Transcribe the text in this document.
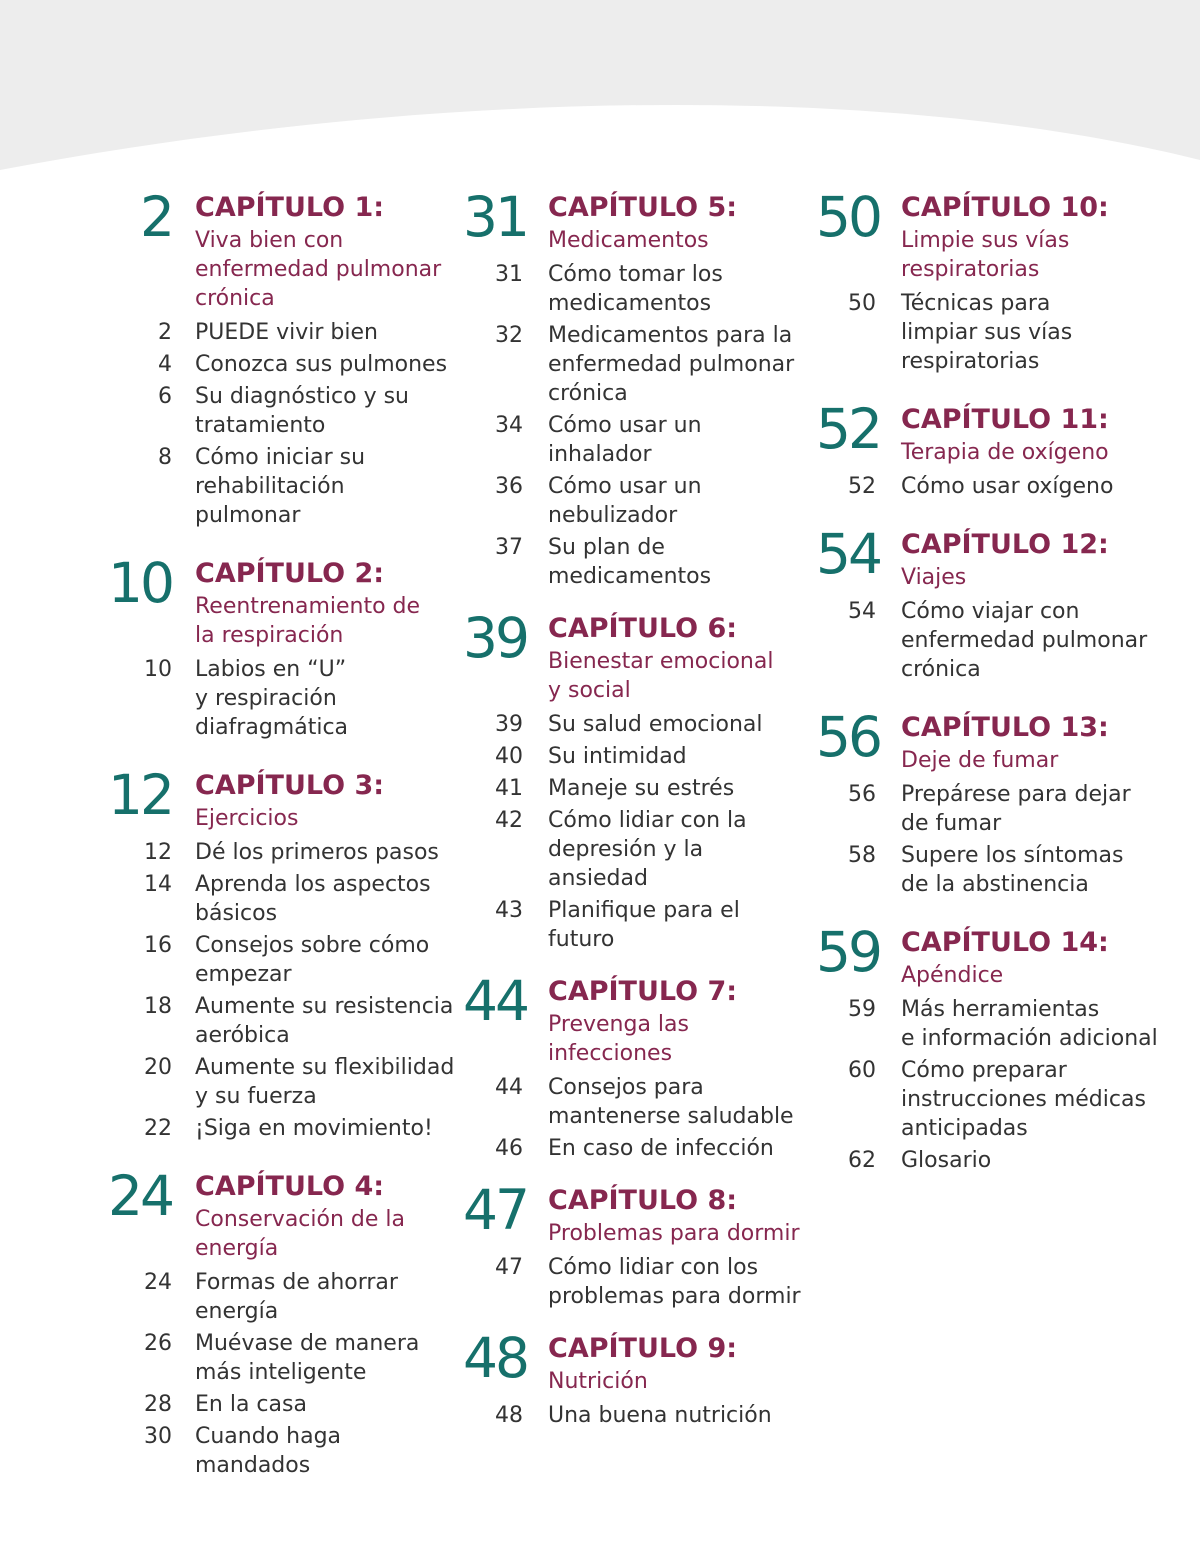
2 CAPÍTULO 1:
Viva bien con
enfermedad pulmonar
crónica
2 PUEDE vivir bien
4 Conozca sus pulmones
6 Su diagnóstico y su
tratamiento
8 Cómo iniciar su
rehabilitación pulmonar
10 CAPÍTULO 2:
Reentrenamiento de
la respiración
10 Labios en “U”
y respiración
diafragmática
12 CAPÍTULO 3:
Ejercicios
12 Dé los primeros pasos
14 Aprenda los aspectos
básicos
16 Consejos sobre cómo
empezar
18 Aumente su resistencia
aeróbica
20 Aumente su flexibilidad
y su fuerza
22 ¡Siga en movimiento!
24 CAPÍTULO 4:
Conservación de la
energía
24 Formas de ahorrar
energía
26 Muévase de manera
más inteligente
28 En la casa
30 Cuando haga
mandados
31 CAPÍTULO 5:
Medicamentos
31 Cómo tomar los
medicamentos
32 Medicamentos para la
enfermedad pulmonar
crónica
34 Cómo usar un
inhalador
36 Cómo usar un
nebulizador
37 Su plan de
medicamentos
39 CAPÍTULO 6:
Bienestar emocional
y social
39 Su salud emocional
40 Su intimidad
41 Maneje su estrés
42 Cómo lidiar con la
depresión y la ansiedad
43 Planifique para el futuro
44 CAPÍTULO 7:
Prevenga las infecciones
44 Consejos para
mantenerse saludable
46 En caso de infección
47 CAPÍTULO 8:
Problemas para dormir
47 Cómo lidiar con los
problemas para dormir
48 CAPÍTULO 9:
Nutrición
48 Una buena nutrición
50 CAPÍTULO 10:
Limpie sus vías
respiratorias
50 Técnicas para
limpiar sus vías
respiratorias
52 CAPÍTULO 11:
Terapia de oxígeno
52 Cómo usar oxígeno
54 CAPÍTULO 12:
Viajes
54 Cómo viajar con
enfermedad pulmonar
crónica
56 CAPÍTULO 13:
Deje de fumar
56 Prepárese para dejar
de fumar
58 Supere los síntomas
de la abstinencia
59 CAPÍTULO 14:
Apéndice
59 Más herramientas
e información adicional
60 Cómo preparar
instrucciones médicas
anticipadas
62 Glosario
